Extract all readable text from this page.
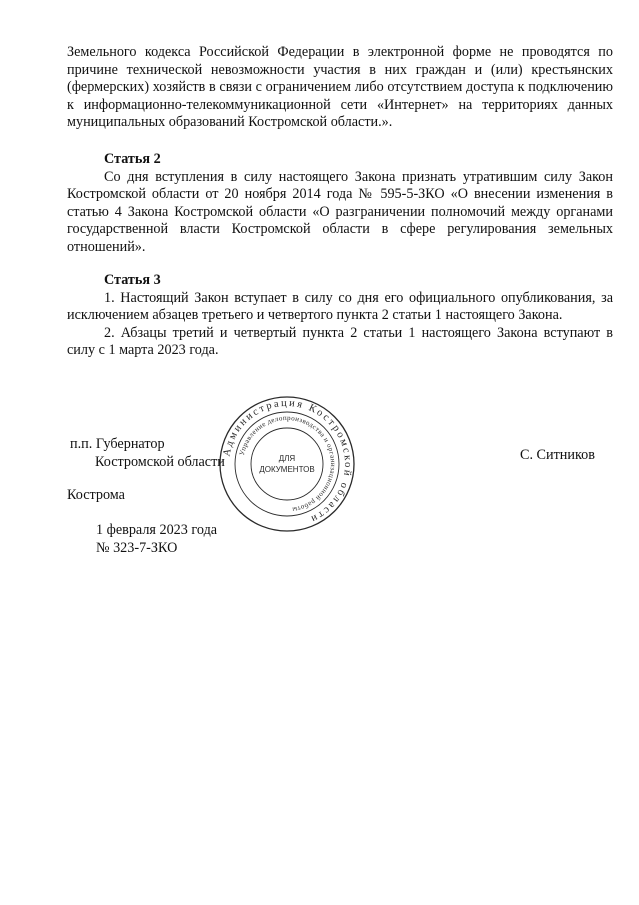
Земельного кодекса Российской Федерации в электронной форме не проводятся по причине технической невозможности участия в них граждан и (или) крестьянских (фермерских) хозяйств в связи с ограничением либо отсутствием доступа к подключению к информационно-телекоммуникационной сети «Интернет» на территориях данных муниципальных образований Костромской области.».

Статья 2

Со дня вступления в силу настоящего Закона признать утратившим силу Закон Костромской области от 20 ноября 2014 года № 595-5-ЗКО «О внесении изменения в статью 4 Закона Костромской области «О разграничении полномочий между органами государственной власти Костромской области в сфере регулирования земельных отношений».

Статья 3

1. Настоящий Закон вступает в силу со дня его официального опубликования, за исключением абзацев третьего и четвертого пункта 2 статьи 1 настоящего Закона.

2. Абзацы третий и четвертый пункта 2 статьи 1 настоящего Закона вступают в силу с 1 марта 2023 года.

п.п. Губернатор
Костромской области	С. Ситников
Кострома
1 февраля 2023 года
№ 323-7-ЗКО
Администрация Костромской области
Управление делопроизводства и организационной работы
ДЛЯ
ДОКУМЕНТОВ
